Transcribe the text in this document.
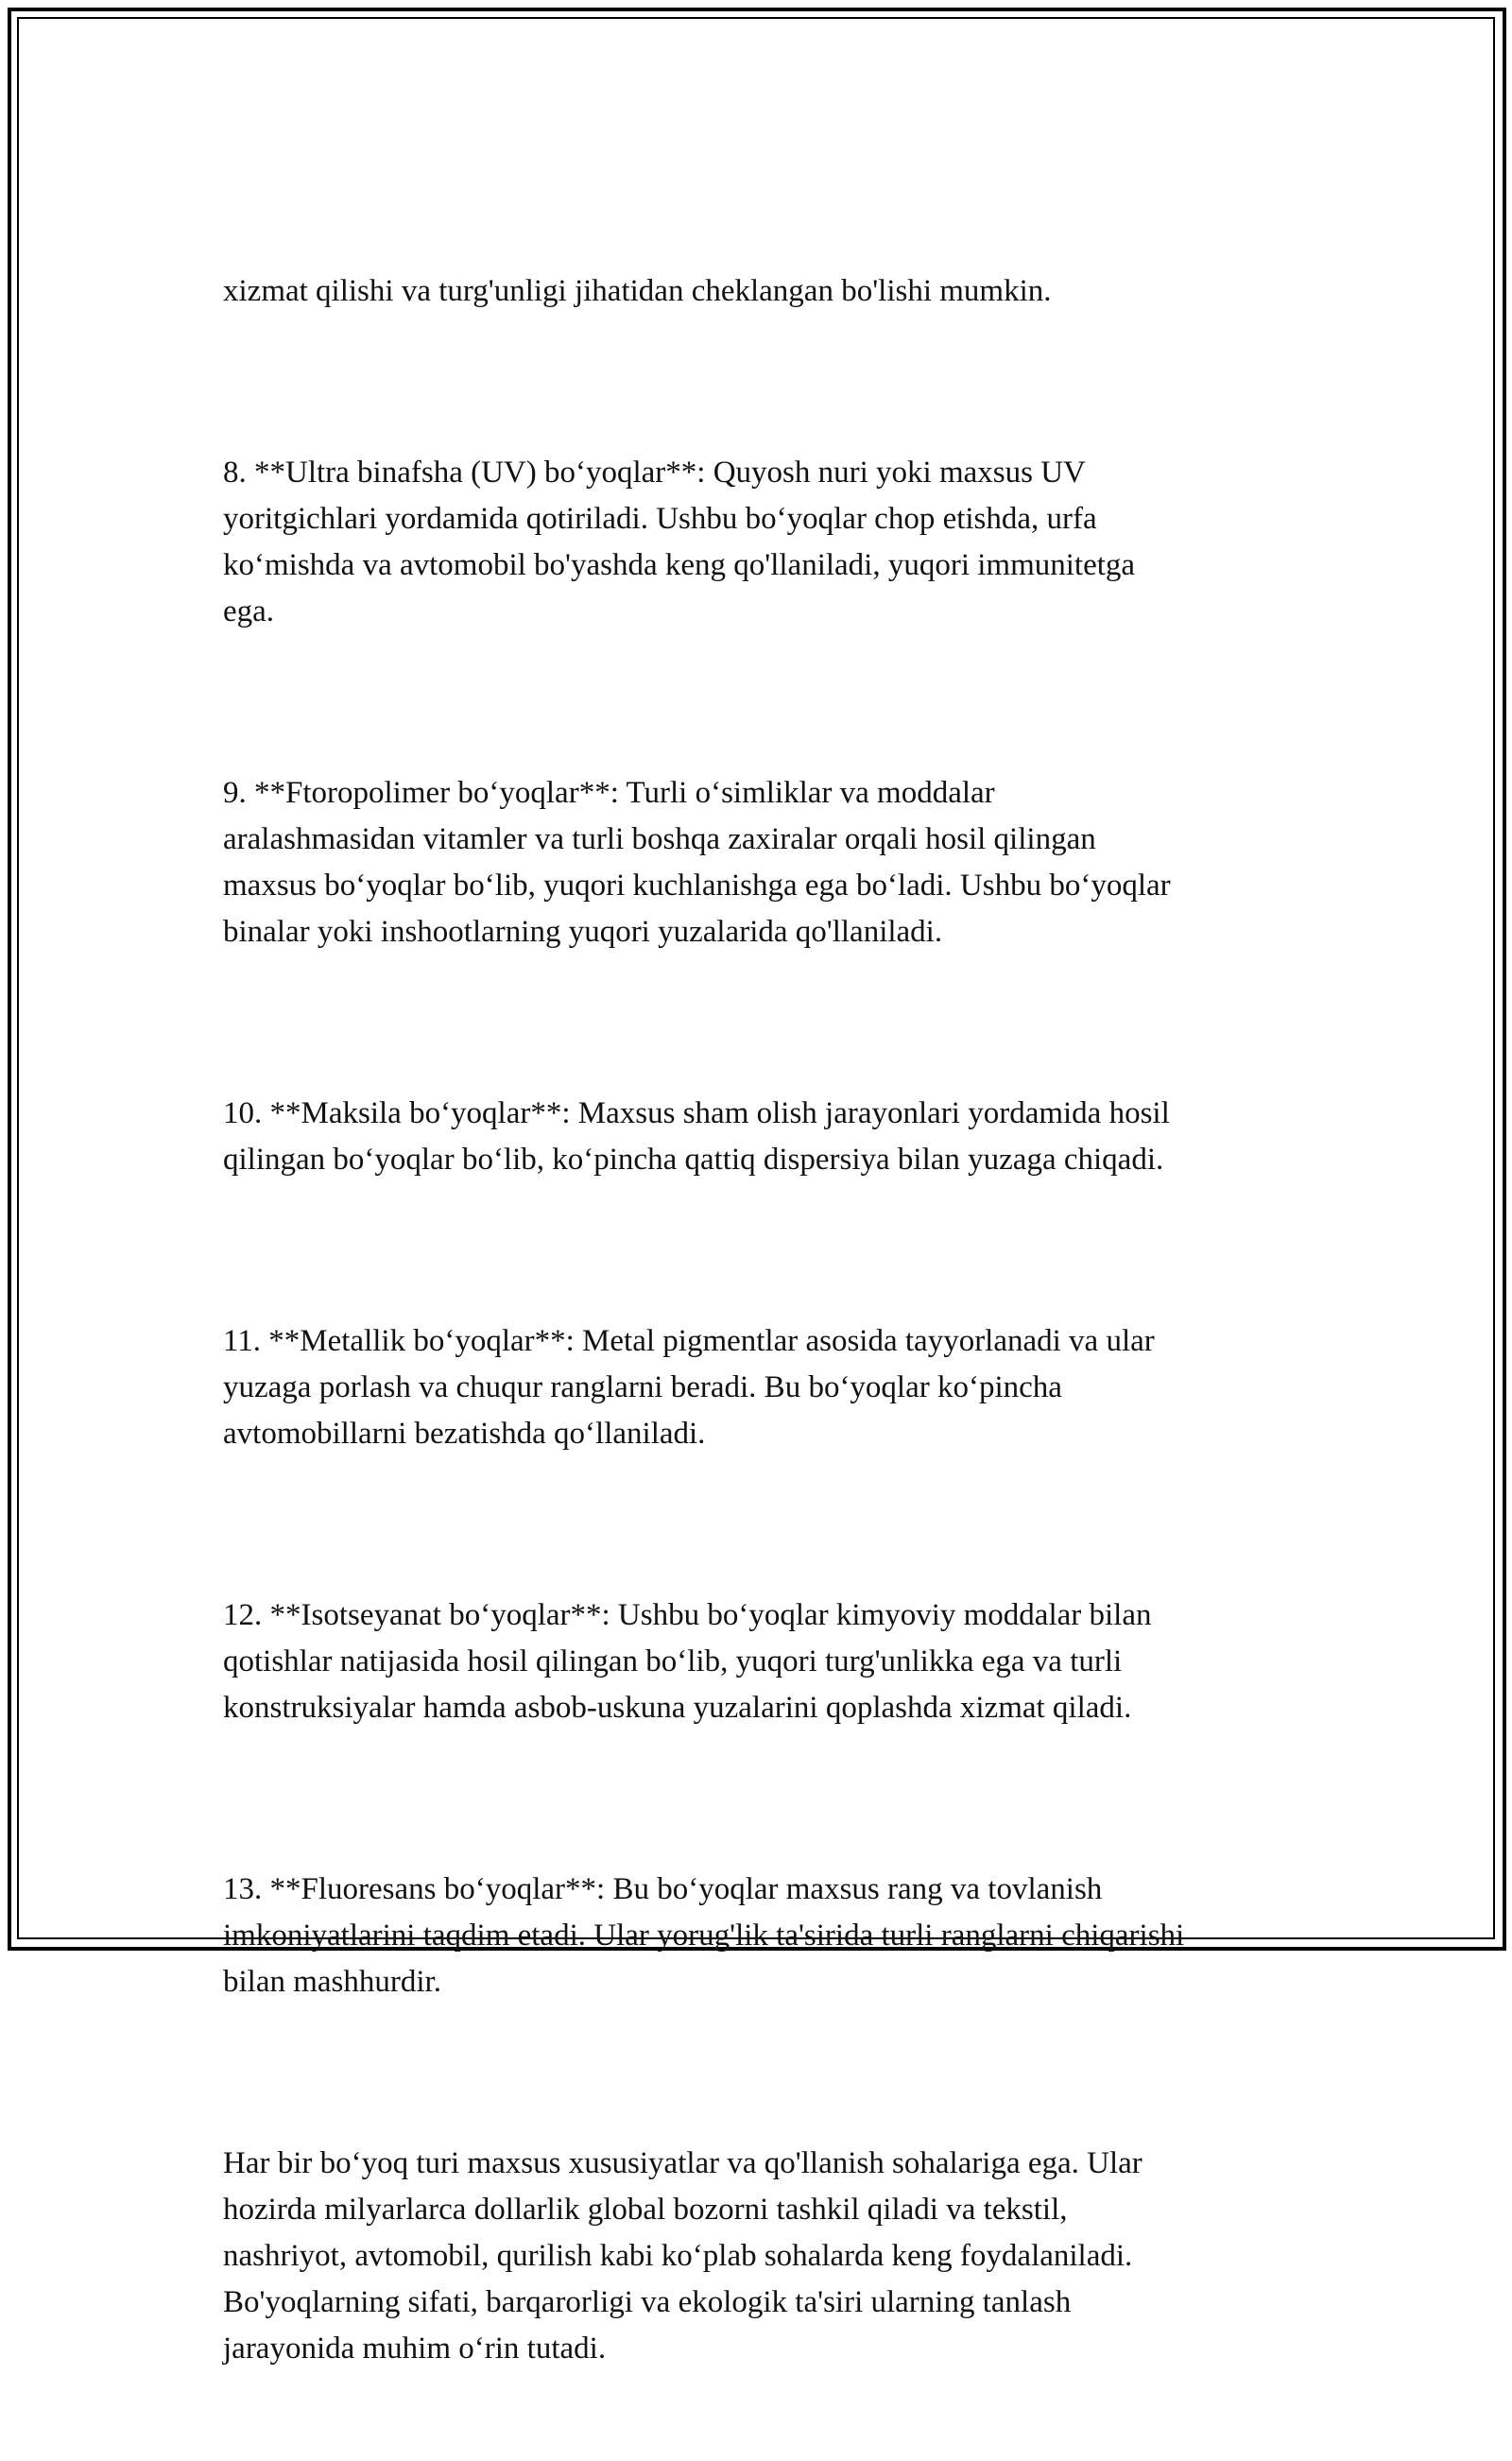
xizmat qilishi va turg'unligi jihatidan cheklangan bo'lishi mumkin.

8. **Ultra binafsha (UV) bo‘yoqlar**: Quyosh nuri yoki maxsus UV
yoritgichlari yordamida qotiriladi. Ushbu bo‘yoqlar chop etishda, urfa
ko‘mishda va avtomobil bo'yashda keng qo'llaniladi, yuqori immunitetga
ega.

9. **Ftoropolimer bo‘yoqlar**: Turli o‘simliklar va moddalar
aralashmasidan vitamler va turli boshqa zaxiralar orqali hosil qilingan
maxsus bo‘yoqlar bo‘lib, yuqori kuchlanishga ega bo‘ladi. Ushbu bo‘yoqlar
binalar yoki inshootlarning yuqori yuzalarida qo'llaniladi.

10. **Maksila bo‘yoqlar**: Maxsus sham olish jarayonlari yordamida hosil
qilingan bo‘yoqlar bo‘lib, ko‘pincha qattiq dispersiya bilan yuzaga chiqadi.

11. **Metallik bo‘yoqlar**: Metal pigmentlar asosida tayyorlanadi va ular
yuzaga porlash va chuqur ranglarni beradi. Bu bo‘yoqlar ko‘pincha
avtomobillarni bezatishda qo‘llaniladi.

12. **Isotseyanat bo‘yoqlar**: Ushbu bo‘yoqlar kimyoviy moddalar bilan
qotishlar natijasida hosil qilingan bo‘lib, yuqori turg'unlikka ega va turli
konstruksiyalar hamda asbob-uskuna yuzalarini qoplashda xizmat qiladi.

13. **Fluoresans bo‘yoqlar**: Bu bo‘yoqlar maxsus rang va tovlanish
imkoniyatlarini taqdim etadi. Ular yorug'lik ta'sirida turli ranglarni chiqarishi
bilan mashhurdir.

Har bir bo‘yoq turi maxsus xususiyatlar va qo'llanish sohalariga ega. Ular
hozirda milyarlarca dollarlik global bozorni tashkil qiladi va tekstil,
nashriyot, avtomobil, qurilish kabi ko‘plab sohalarda keng foydalaniladi.
Bo'yoqlarning sifati, barqarorligi va ekologik ta'siri ularning tanlash
jarayonida muhim o‘rin tutadi.
